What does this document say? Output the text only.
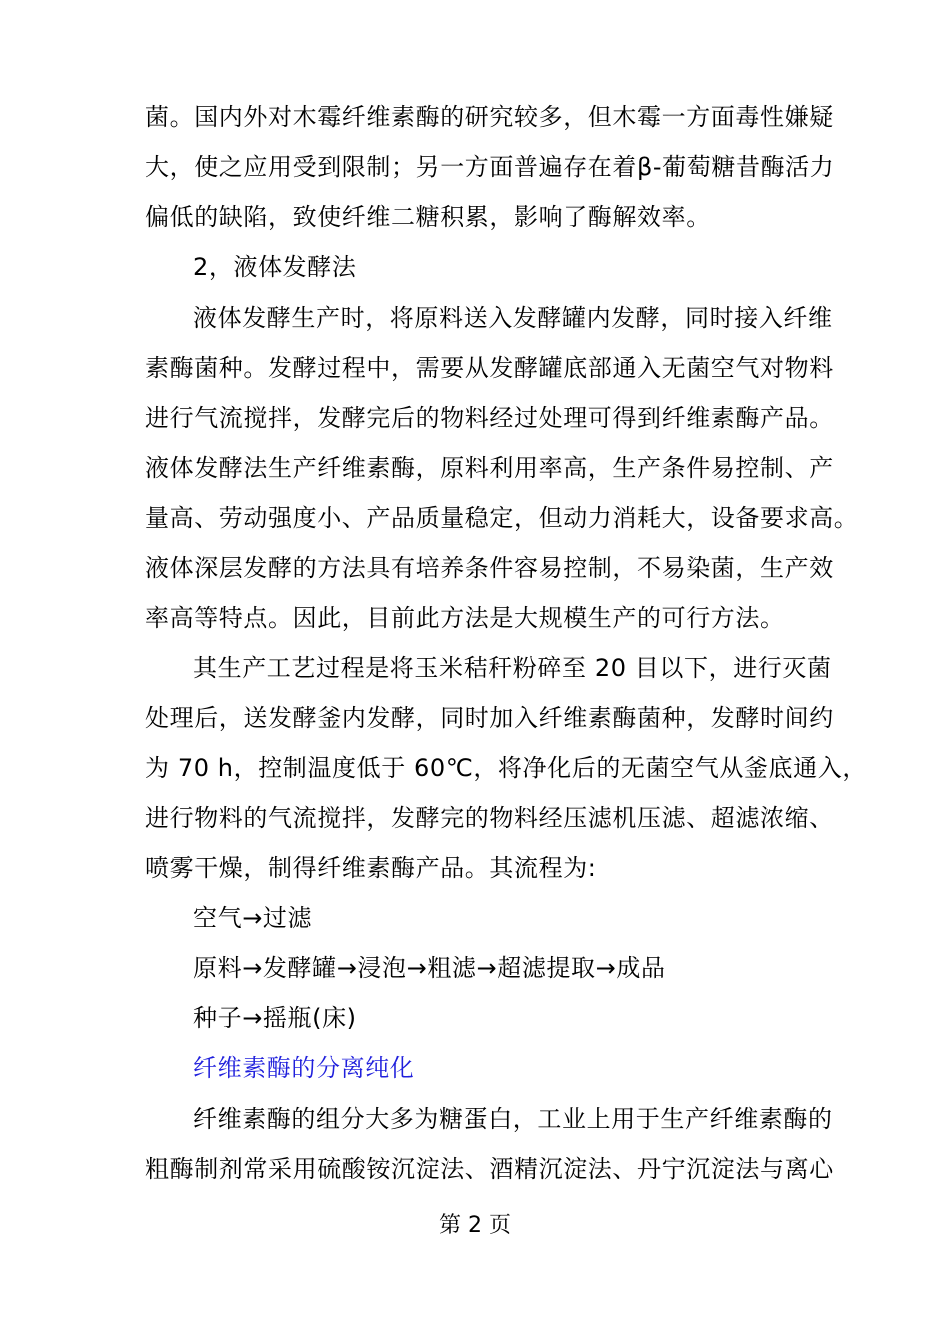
菌。国内外对木霉纤维素酶的研究较多，但木霉一方面毒性嫌疑
大，使之应用受到限制；另一方面普遍存在着β-葡萄糖昔酶活力
偏低的缺陷，致使纤维二糖积累，影响了酶解效率。
2，液体发酵法
液体发酵生产时，将原料送入发酵罐内发酵，同时接入纤维
素酶菌种。发酵过程中，需要从发酵罐底部通入无菌空气对物料
进行气流搅拌，发酵完后的物料经过处理可得到纤维素酶产品。
液体发酵法生产纤维素酶，原料利用率高，生产条件易控制、产
量高、劳动强度小、产品质量稳定，但动力消耗大，设备要求高。
液体深层发酵的方法具有培养条件容易控制，不易染菌，生产效
率高等特点。因此，目前此方法是大规模生产的可行方法。
其生产工艺过程是将玉米秸秆粉碎至 20 目以下，进行灭菌
处理后，送发酵釜内发酵，同时加入纤维素酶菌种，发酵时间约
为 70 h，控制温度低于 60℃，将净化后的无菌空气从釜底通入，
进行物料的气流搅拌，发酵完的物料经压滤机压滤、超滤浓缩、
喷雾干燥，制得纤维素酶产品。其流程为:
空气→过滤
原料→发酵罐→浸泡→粗滤→超滤提取→成品
种子→摇瓶(床)
纤维素酶的分离纯化
纤维素酶的组分大多为糖蛋白，工业上用于生产纤维素酶的
粗酶制剂常采用硫酸铵沉淀法、酒精沉淀法、丹宁沉淀法与离心
第 2 页
